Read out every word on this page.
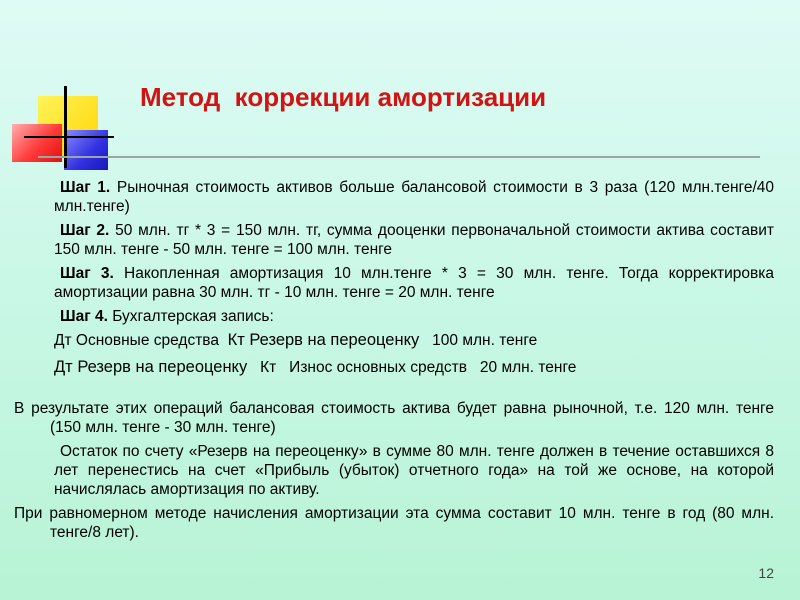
Метод  коррекции амортизации

Шаг 1. Рыночная стоимость активов больше балансовой стоимости в 3 раза (120 млн.тенге/40 млн.тенге)

Шаг 2. 50 млн. тг * 3 = 150 млн. тг, сумма дооценки первоначальной стоимости актива составит 150 млн. тенге - 50 млн. тенге = 100 млн. тенге

Шаг 3. Накопленная амортизация 10 млн.тенге * 3 = 30 млн. тенге. Тогда корректировка амортизации равна 30 млн. тг - 10 млн. тенге = 20 млн. тенге

Шаг 4. Бухгалтерская запись:

Дт Основные средства  Кт Резерв на переоценку   100 млн. тенге

Дт Резерв на переоценку   Кт   Износ основных средств   20 млн. тенге

В результате этих операций балансовая стоимость актива будет равна рыночной, т.е. 120 млн. тенге (150 млн. тенге - 30 млн. тенге)

Остаток по счету «Резерв на переоценку» в сумме 80 млн. тенге должен в течение оставшихся 8 лет перенестись на счет «Прибыль (убыток) отчетного года» на той же основе, на которой начислялась амортизация по активу.

При равномерном методе начисления амортизации эта сумма составит 10 млн. тенге в год (80 млн. тенге/8 лет).

12
